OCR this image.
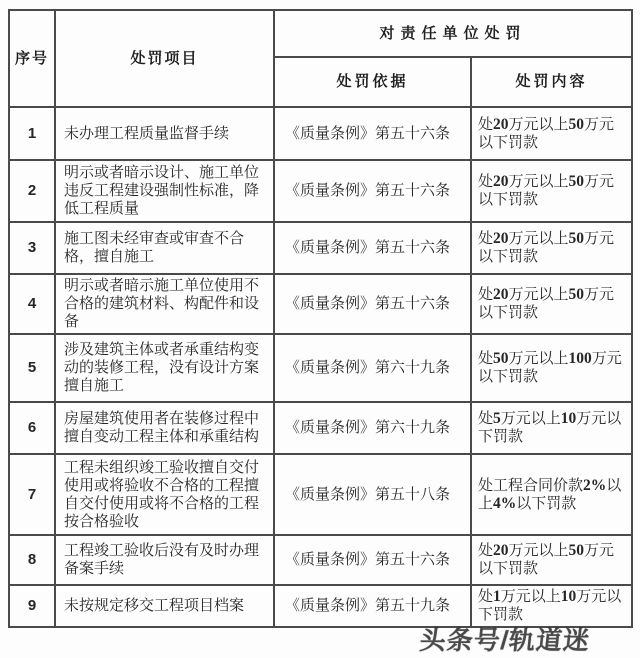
序号	处罚项目	对责任单位处罚	
		处罚依据	处罚内容
1	未办理工程质量监督手续	《质量条例》第五十六条	处20万元以上50万元以下罚款
2	明示或者暗示设计、施工单位违反工程建设强制性标准，降低工程质量	《质量条例》第五十六条	处20万元以上50万元以下罚款
3	施工图未经审查或审查不合格，擅自施工	《质量条例》第五十六条	处20万元以上50万元以下罚款
4	明示或者暗示施工单位使用不合格的建筑材料、构配件和设备	《质量条例》第五十六条	处20万元以上50万元以下罚款
5	涉及建筑主体或者承重结构变动的装修工程，没有设计方案擅自施工	《质量条例》第六十九条	处50万元以上100万元以下罚款
6	房屋建筑使用者在装修过程中擅自变动工程主体和承重结构	《质量条例》第六十九条	处5万元以上10万元以下罚款
7	工程未组织竣工验收擅自交付使用或将验收不合格的工程擅自交付使用或将不合格的工程按合格验收	《质量条例》第五十八条	处工程合同价款2%以上4%以下罚款
8	工程竣工验收后没有及时办理备案手续	《质量条例》第五十六条	处20万元以上50万元以下罚款
9	未按规定移交工程项目档案	《质量条例》第五十九条	处1万元以上10万元以下罚款
头条号/轨道迷
